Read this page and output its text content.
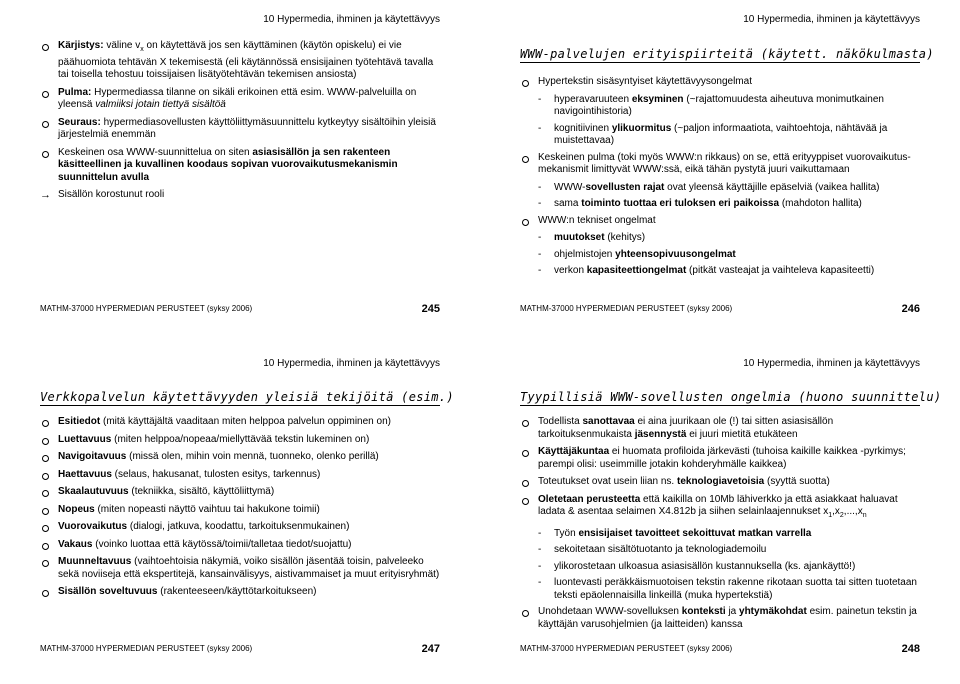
10 Hypermedia, ihminen ja käytettävyys
Kärjistys: väline $v_x$ on käytettävä jos sen käyttäminen (käytön opiskelu) ei vie päähuomiota tehtävän X tekemisestä (eli käytännössä ensisijainen työtehtävä tavalla tai toisella tehostuu toissijaisen lisätyötehtävän tekemisen ansiosta)
Pulma: Hypermediassa tilanne on sikäli erikoinen että esim. WWW-palveluilla on yleensä valmiiksi jotain tiettyä sisältöä
Seuraus: hypermediasovellusten käyttöliittymäsuunnittelu kytkeytyy sisältöihin yleisiä järjestelmiä enemmän
Keskeinen osa WWW-suunnittelua on siten asiasisällön ja sen rakenteen käsitteellinen ja kuvallinen koodaus sopivan vuorovaikutusmekanismin suunnittelun avulla
→ Sisällön korostunut rooli
MATHM-37000 HYPERMEDIAN PERUSTEET (syksy 2006)	245
10 Hypermedia, ihminen ja käytettävyys
WWW-palvelujen erityispiirteitä (käytett. näkökulmasta)
Hypertekstin sisäsyntyiset käytettävyysongelmat
- hyperavaruuteen eksyminen (~rajattomuudesta aiheutuva monimutkainen navigointihistoria)
- kognitiivinen ylikuormitus (~paljon informaatiota, vaihtoehtoja, nähtävää ja muistettavaa)
Keskeinen pulma (toki myös WWW:n rikkaus) on se, että erityyppiset vuorovaikutus-mekanismit limittyvät WWW:ssä, eikä tähän pystytä juuri vaikuttamaan
- WWW-sovellusten rajat ovat yleensä käyttäjille epäselviä (vaikea hallita)
- sama toiminto tuottaa eri tuloksen eri paikoissa (mahdoton hallita)
WWW:n tekniset ongelmat
- muutokset (kehitys)
- ohjelmistojen yhteensopivuusongelmat
- verkon kapasiteettiongelmat (pitkät vasteajat ja vaihteleva kapasiteetti)
MATHM-37000 HYPERMEDIAN PERUSTEET (syksy 2006)	246
10 Hypermedia, ihminen ja käytettävyys
Verkkopalvelun käytettävyyden yleisiä tekijöitä (esim.)
Esitiedot (mitä käyttäjältä vaaditaan miten helppoa palvelun oppiminen on)
Luettavuus (miten helppoa/nopeaa/miellyttävää tekstin lukeminen on)
Navigoitavuus (missä olen, mihin voin mennä, tuonneko, olenko perillä)
Haettavuus (selaus, hakusanat, tulosten esitys, tarkennus)
Skaalautuvuus (tekniikka, sisältö, käyttöliittymä)
Nopeus (miten nopeasti näyttö vaihtuu tai hakukone toimii)
Vuorovaikutus (dialogi, jatkuva, koodattu, tarkoituksenmukainen)
Vakaus (voinko luottaa että käytössä/toimii/talletaa tiedot/suojattu)
Muunneltavuus (vaihtoehtoisia näkymiä, voiko sisällön jäsentää toisin, palveleeko sekä noviiseja että ekspertitejä, kansainvälisyys, aistivammaiset ja muut erityisryhmät)
Sisällön soveltuvuus (rakenteeseen/käyttötarkoitukseen)
MATHM-37000 HYPERMEDIAN PERUSTEET (syksy 2006)	247
10 Hypermedia, ihminen ja käytettävyys
Tyypillisiä WWW-sovellusten ongelmia (huono suunnittelu)
Todellista sanottavaa ei aina juurikaan ole (!) tai sitten asiasisällön tarkoituksenmukaista jäsennystä ei juuri mietitä etukäteen
Käyttäjäkuntaa ei huomata profiloida järkevästi (tuhoisa kaikille kaikkea -pyrkimys; parempi olisi: useimmille jotakin kohderyhmälle kaikkea)
Toteutukset ovat usein liian ns. teknologiavetoisia (syyttä suotta)
Oletetaan perusteetta että kaikilla on 10Mb lähiverkko ja että asiakkaat haluavat ladata & asentaa selaimen X4.812b ja siihen selainlaajennukset $x_1,x_2,...,x_n$
- Työn ensisijaiset tavoitteet sekoittuvat matkan varrella
- sekoitetaan sisältötuotanto ja teknologiademoilu
- ylikorostetaan ulkoasua asiasisällön kustannuksella (ks. ajankäyttö!)
- luontevasti peräkkäismuotoisen tekstin rakenne rikotaan suotta tai sitten tuotetaan teksti epäolennaisilla linkeillä (muka hypertekstiä)
Unohdetaan WWW-sovelluksen konteksti ja yhtymäkohdat esim. painetun tekstin ja käyttäjän varusohjelmien (ja laitteiden) kanssa
MATHM-37000 HYPERMEDIAN PERUSTEET (syksy 2006)	248
